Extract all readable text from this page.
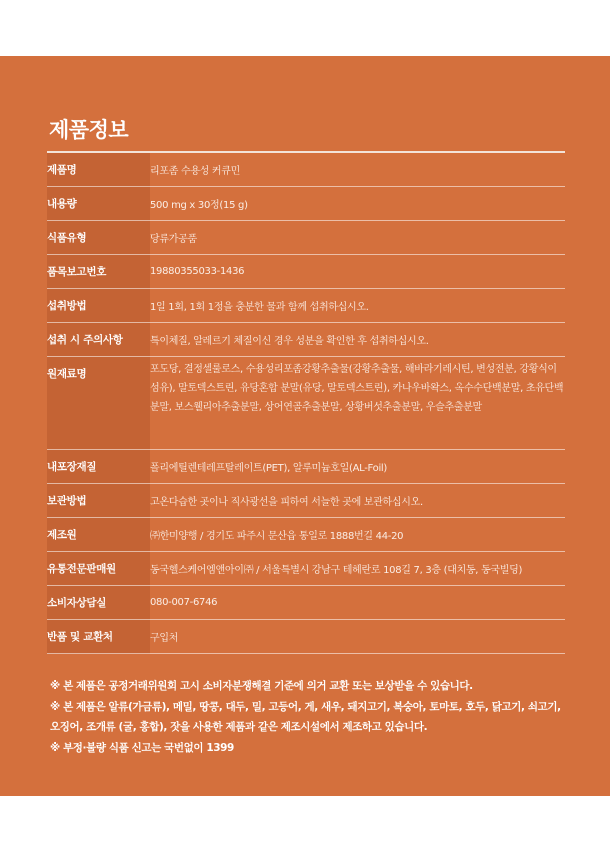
제품정보
제품명	리포좀 수용성 커큐민
내용량	500 mg x 30정(15 g)
식품유형	당류가공품
품목보고번호	19880355033-1436
섭취방법	1일 1회, 1회 1정을 충분한 물과 함께 섭취하십시오.
섭취 시 주의사항	특이체질, 알레르기 체질이신 경우 성분을 확인한 후 섭취하십시오.
원재료명	포도당, 결정셀룰로스, 수용성리포좀강황추출물(강황추출물, 해바라기레시틴, 변성전분, 강황식이섬유), 말토덱스트린, 유당혼합 분말(유당, 말토덱스트린), 카나우바왁스, 옥수수단백분말, 초유단백분말, 보스웰리아추출분말, 상어연골추출분말, 상황버섯추출분말, 우슬추출분말
내포장재질	폴리에틸렌테레프탈레이트(PET), 알루미늄호일(AL-Foil)
보관방법	고온다습한 곳이나 직사광선을 피하여 서늘한 곳에 보관하십시오.
제조원	㈜한미양행 / 경기도 파주시 문산읍 통일로 1888번길 44-20
유통전문판매원	동국헬스케어엠앤아이㈜ / 서울특별시 강남구 테헤란로 108길 7, 3층 (대치동, 동국빌딩)
소비자상담실	080-007-6746
반품 및 교환처	구입처

※ 본 제품은 공정거래위원회 고시 소비자분쟁해결 기준에 의거 교환 또는 보상받을 수 있습니다.

※ 본 제품은 알류(가금류), 메밀, 땅콩, 대두, 밀, 고등어, 게, 새우, 돼지고기, 복숭아, 토마토, 호두, 닭고기, 쇠고기, 오징어, 조개류 (굴, 홍합), 잣을 사용한 제품과 같은 제조시설에서 제조하고 있습니다.

※ 부정·불량 식품 신고는 국번없이 1399
